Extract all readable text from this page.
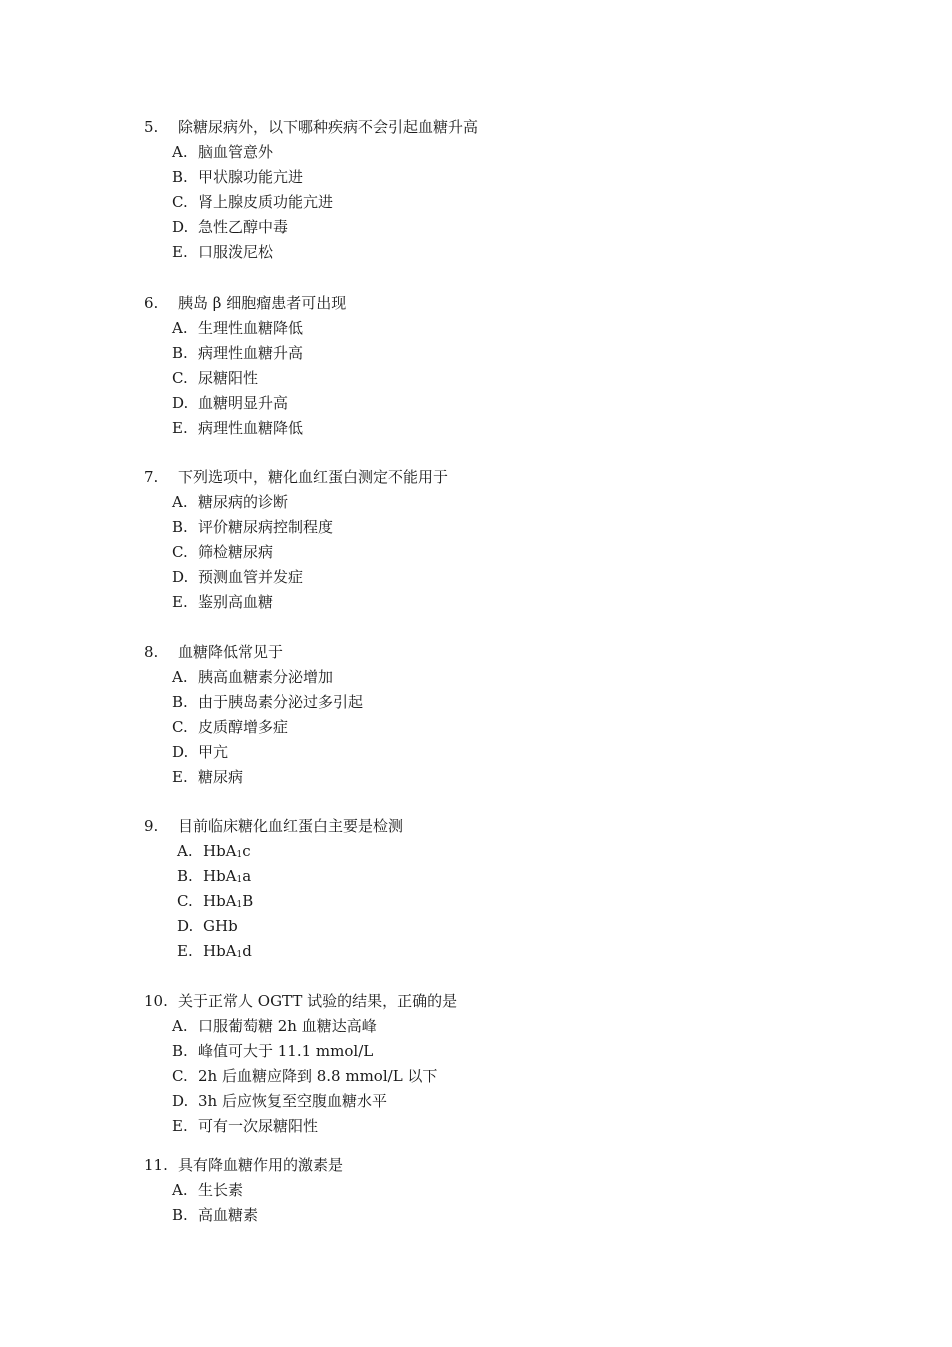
5. 除糖尿病外，以下哪种疾病不会引起血糖升高
A. 脑血管意外
B. 甲状腺功能亢进
C. 肾上腺皮质功能亢进
D. 急性乙醇中毒
E. 口服泼尼松
6. 胰岛 β 细胞瘤患者可出现
A. 生理性血糖降低
B. 病理性血糖升高
C. 尿糖阳性
D. 血糖明显升高
E. 病理性血糖降低
7. 下列选项中，糖化血红蛋白测定不能用于
A. 糖尿病的诊断
B. 评价糖尿病控制程度
C. 筛检糖尿病
D. 预测血管并发症
E. 鉴别高血糖
8. 血糖降低常见于
A. 胰高血糖素分泌增加
B. 由于胰岛素分泌过多引起
C. 皮质醇增多症
D. 甲亢
E. 糖尿病
9. 目前临床糖化血红蛋白主要是检测
A. HbA$_1$c
B. HbA$_1$a
C. HbA$_1$B
D. GHb
E. HbA$_1$d
10. 关于正常人 OGTT 试验的结果，正确的是
A. 口服葡萄糖 2h 血糖达高峰
B. 峰值可大于 11.1 mmol/L
C. 2h 后血糖应降到 8.8 mmol/L 以下
D. 3h 后应恢复至空腹血糖水平
E. 可有一次尿糖阳性
11. 具有降血糖作用的激素是
A. 生长素
B. 高血糖素
